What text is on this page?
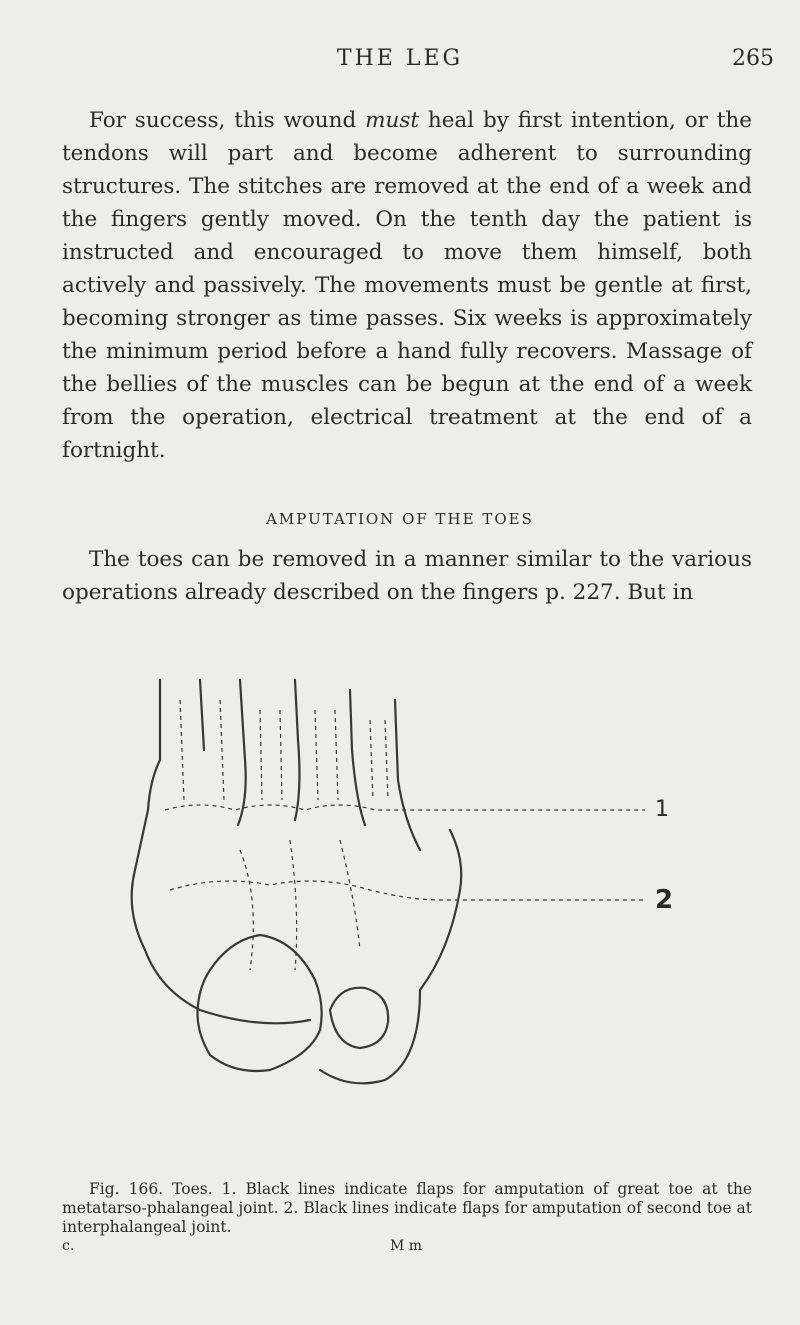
THE LEG	265

For success, this wound must heal by first intention, or the tendons will part and become adherent to surrounding structures. The stitches are removed at the end of a week and the fingers gently moved. On the tenth day the patient is instructed and encouraged to move them himself, both actively and passively. The movements must be gentle at first, becoming stronger as time passes. Six weeks is approximately the minimum period before a hand fully recovers. Massage of the bellies of the muscles can be begun at the end of a week from the operation, electrical treatment at the end of a fortnight.

AMPUTATION OF THE TOES

The toes can be removed in a manner similar to the various operations already described on the fingers p. 227. But in

1
2

Fig. 166. Toes. 1. Black lines indicate flaps for amputation of great toe at the metatarso-phalangeal joint. 2. Black lines indicate flaps for amputation of second toe at interphalangeal joint.

c.	M m
